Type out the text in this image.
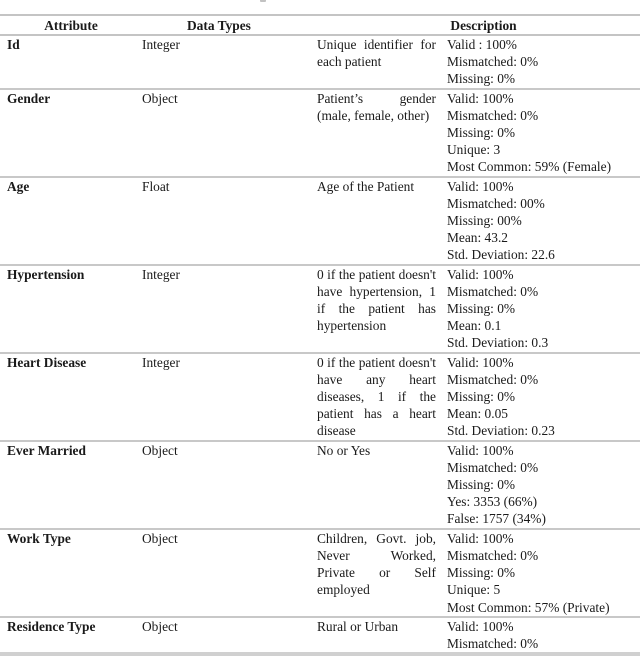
Attribute	Data Types	Description	
Id	Integer	Unique identifier for each patient	Valid : 100%
Mismatched: 0%
Missing: 0%

Gender	Object	Patient’s gender (male, female, other)	Valid: 100%
Mismatched: 0%
Missing: 0%
Unique: 3
Most Common: 59% (Female)

Age	Float	Age of the Patient	Valid: 100%
Mismatched: 00%
Missing: 00%
Mean: 43.2
Std. Deviation: 22.6

Hypertension	Integer	0 if the patient doesn't have hypertension, 1 if the patient has hypertension	Valid: 100%
Mismatched: 0%
Missing: 0%
Mean: 0.1
Std. Deviation: 0.3

Heart Disease	Integer	0 if the patient doesn't have any heart diseases, 1 if the patient has a heart disease	Valid: 100%
Mismatched: 0%
Missing: 0%
Mean: 0.05
Std. Deviation: 0.23

Ever Married	Object	No or Yes	Valid: 100%
Mismatched: 0%
Missing: 0%
Yes: 3353 (66%)
False: 1757 (34%)

Work Type	Object	Children, Govt. job, Never Worked, Private or Self employed	Valid: 100%
Mismatched: 0%
Missing: 0%
Unique: 5
Most Common: 57% (Private)

Residence Type	Object	Rural or Urban	Valid: 100%
Mismatched: 0%
